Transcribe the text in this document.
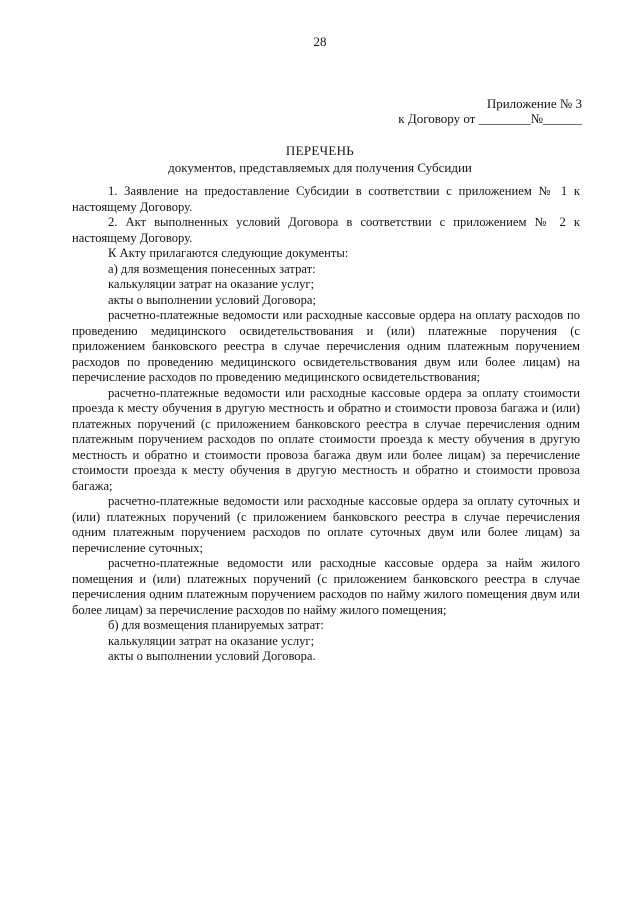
28
Приложение № 3
к Договору от ________№______
ПЕРЕЧЕНЬ
документов, представляемых для получения Субсидии

1. Заявление на предоставление Субсидии в соответствии с приложением № 1 к настоящему Договору.

2. Акт выполненных условий Договора в соответствии с приложением № 2 к настоящему Договору.

К Акту прилагаются следующие документы:

а) для возмещения понесенных затрат:

калькуляции затрат на оказание услуг;

акты о выполнении условий Договора;

расчетно-платежные ведомости или расходные кассовые ордера на оплату расходов по проведению медицинского освидетельствования и (или) платежные поручения (с приложением банковского реестра в случае перечисления одним платежным поручением расходов по проведению медицинского освидетельствования двум или более лицам) на перечисление расходов по проведению медицинского освидетельствования;

расчетно-платежные ведомости или расходные кассовые ордера за оплату стоимости проезда к месту обучения в другую местность и обратно и стоимости провоза багажа и (или) платежных поручений (с приложением банковского реестра в случае перечисления одним платежным поручением расходов по оплате стоимости проезда к месту обучения в другую местность и обратно и стоимости провоза багажа двум или более лицам) за перечисление стоимости проезда к месту обучения в другую местность и обратно и стоимости провоза багажа;

расчетно-платежные ведомости или расходные кассовые ордера за оплату суточных и (или) платежных поручений (с приложением банковского реестра в случае перечисления одним платежным поручением расходов по оплате суточных двум или более лицам) за перечисление суточных;

расчетно-платежные ведомости или расходные кассовые ордера за найм жилого помещения и (или) платежных поручений (с приложением банковского реестра в случае перечисления одним платежным поручением расходов по найму жилого помещения двум или более лицам) за перечисление расходов по найму жилого помещения;

б) для возмещения планируемых затрат:

калькуляции затрат на оказание услуг;

акты о выполнении условий Договора.
